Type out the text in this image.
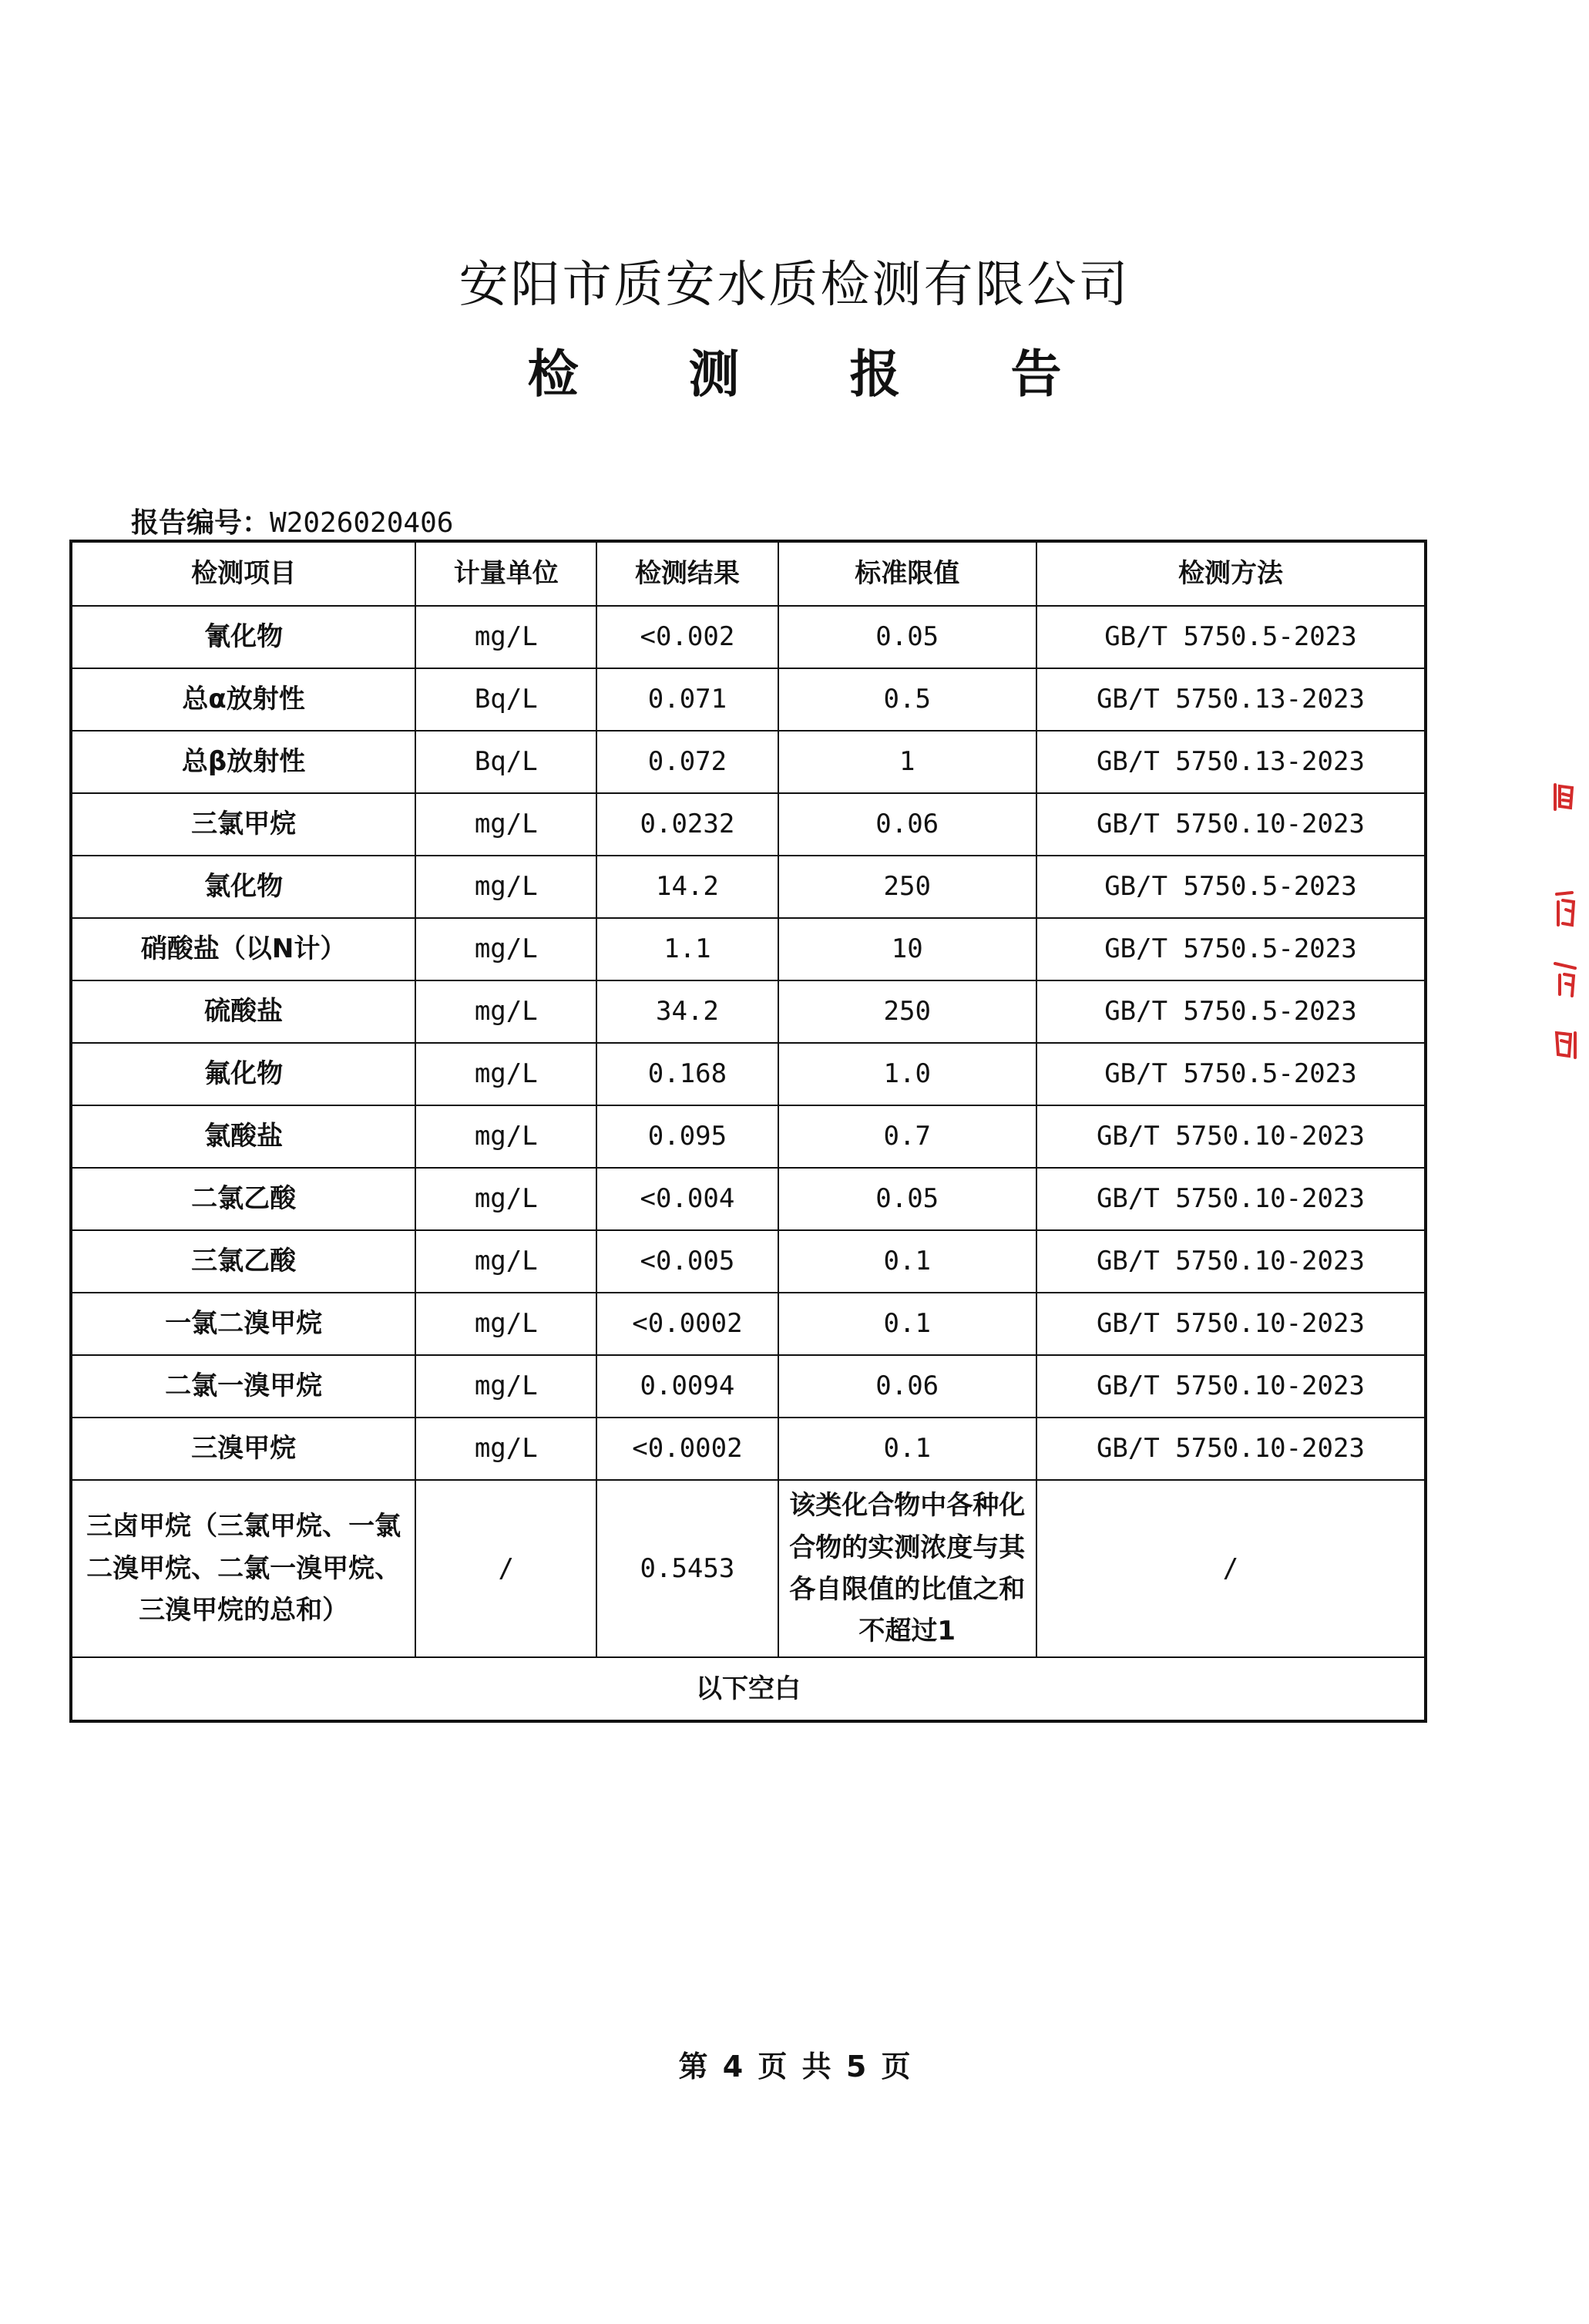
安阳市质安水质检测有限公司
检 测 报 告
报告编号：W2026020406
检测项目	计量单位	检测结果	标准限值	检测方法
氰化物	mg/L	<0.002	0.05	GB/T 5750.5-2023
总α放射性	Bq/L	0.071	0.5	GB/T 5750.13-2023
总β放射性	Bq/L	0.072	1	GB/T 5750.13-2023
三氯甲烷	mg/L	0.0232	0.06	GB/T 5750.10-2023
氯化物	mg/L	14.2	250	GB/T 5750.5-2023
硝酸盐（以N计）	mg/L	1.1	10	GB/T 5750.5-2023
硫酸盐	mg/L	34.2	250	GB/T 5750.5-2023
氟化物	mg/L	0.168	1.0	GB/T 5750.5-2023
氯酸盐	mg/L	0.095	0.7	GB/T 5750.10-2023
二氯乙酸	mg/L	<0.004	0.05	GB/T 5750.10-2023
三氯乙酸	mg/L	<0.005	0.1	GB/T 5750.10-2023
一氯二溴甲烷	mg/L	<0.0002	0.1	GB/T 5750.10-2023
二氯一溴甲烷	mg/L	0.0094	0.06	GB/T 5750.10-2023
三溴甲烷	mg/L	<0.0002	0.1	GB/T 5750.10-2023
三卤甲烷（三氯甲烷、一氯二溴甲烷、二氯一溴甲烷、三溴甲烷的总和）	/	0.5453	该类化合物中各种化合物的实测浓度与其各自限值的比值之和不超过1	/
以下空白				
第 4 页 共 5 页
